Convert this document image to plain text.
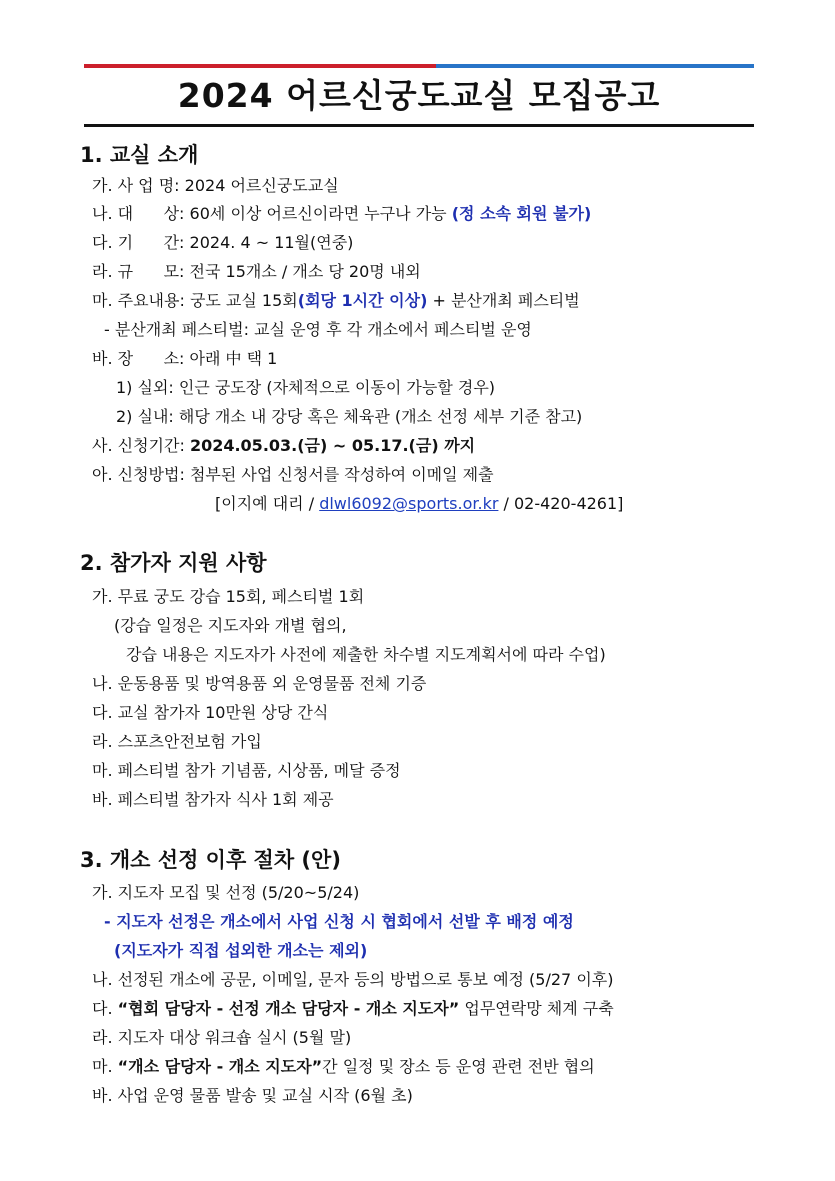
2024 어르신궁도교실 모집공고
1. 교실 소개
가. 사 업 명: 2024 어르신궁도교실
나. 대      상: 60세 이상 어르신이라면 누구나 가능 (정 소속 회원 불가)
다. 기      간: 2024. 4 ~ 11월(연중)
라. 규      모: 전국 15개소 / 개소 당 20명 내외
마. 주요내용: 궁도 교실 15회(회당 1시간 이상) + 분산개최 페스티벌
- 분산개최 페스티벌: 교실 운영 후 각 개소에서 페스티벌 운영
바. 장      소: 아래 中 택 1
1) 실외: 인근 궁도장 (자체적으로 이동이 가능할 경우)
2) 실내: 해당 개소 내 강당 혹은 체육관 (개소 선정 세부 기준 참고)
사. 신청기간: 2024.05.03.(금) ~ 05.17.(금) 까지
아. 신청방법: 첨부된 사업 신청서를 작성하여 이메일 제출
[이지예 대리 / dlwl6092@sports.or.kr / 02-420-4261]
2. 참가자 지원 사항
가. 무료 궁도 강습 15회, 페스티벌 1회
(강습 일정은 지도자와 개별 협의,
강습 내용은 지도자가 사전에 제출한 차수별 지도계획서에 따라 수업)
나. 운동용품 및 방역용품 외 운영물품 전체 기증
다. 교실 참가자 10만원 상당 간식
라. 스포츠안전보험 가입
마. 페스티벌 참가 기념품, 시상품, 메달 증정
바. 페스티벌 참가자 식사 1회 제공
3. 개소 선정 이후 절차 (안)
가. 지도자 모집 및 선정 (5/20~5/24)
- 지도자 선정은 개소에서 사업 신청 시 협회에서 선발 후 배정 예정
(지도자가 직접 섭외한 개소는 제외)
나. 선정된 개소에 공문, 이메일, 문자 등의 방법으로 통보 예정 (5/27 이후)
다. “협회 담당자 - 선정 개소 담당자 - 개소 지도자” 업무연락망 체계 구축
라. 지도자 대상 워크숍 실시 (5월 말)
마. “개소 담당자 - 개소 지도자”간 일정 및 장소 등 운영 관련 전반 협의
바. 사업 운영 물품 발송 및 교실 시작 (6월 초)
